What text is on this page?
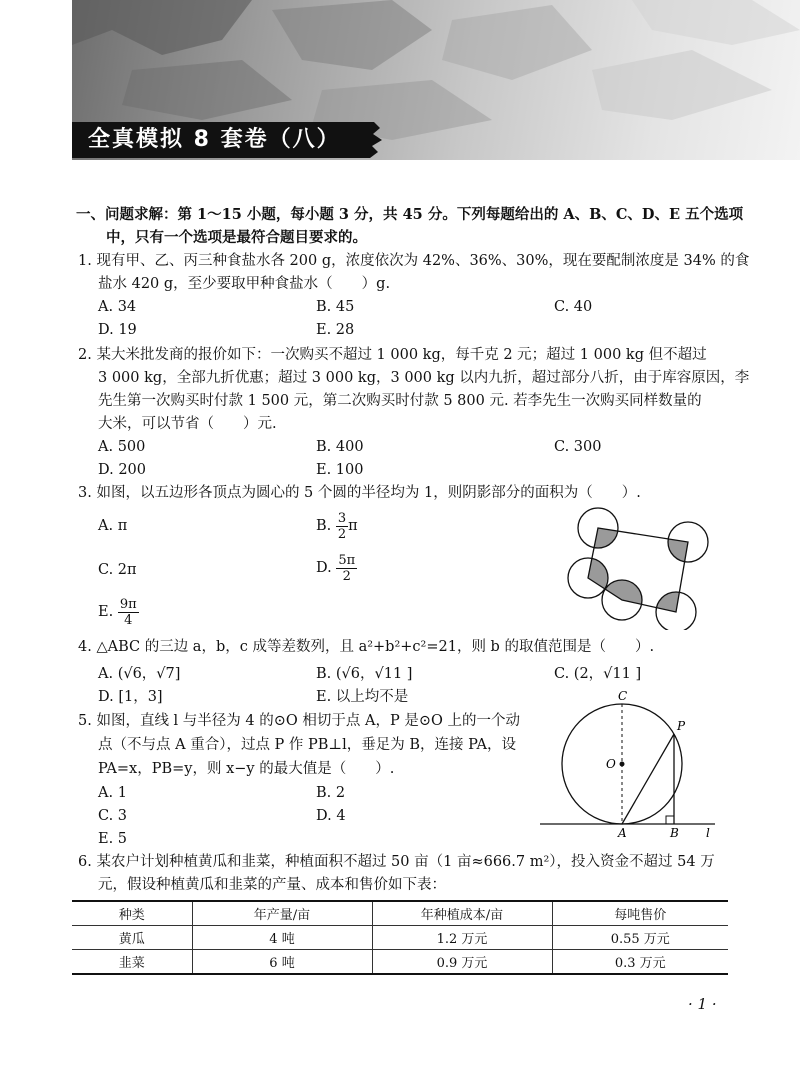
全真模拟 8 套卷（八）
一、问题求解：第 1～15 小题，每小题 3 分，共 45 分。下列每题给出的 A、B、C、D、E 五个选项
中，只有一个选项是最符合题目要求的。
1. 现有甲、乙、丙三种食盐水各 200 g，浓度依次为 42%、36%、30%，现在要配制浓度是 34% 的食
盐水 420 g，至少要取甲种食盐水（　　）g.
A. 34	B. 45	C. 40
D. 19	E. 28
2. 某大米批发商的报价如下：一次购买不超过 1 000 kg，每千克 2 元；超过 1 000 kg 但不超过
3 000 kg，全部九折优惠；超过 3 000 kg，3 000 kg 以内九折，超过部分八折，由于库容原因，李
先生第一次购买时付款 1 500 元，第二次购买时付款 5 800 元. 若李先生一次购买同样数量的
大米，可以节省（　　）元.
A. 500	B. 400	C. 300
D. 200	E. 100
3. 如图，以五边形各顶点为圆心的 5 个圆的半径均为 1，则阴影部分的面积为（　　）.
A. π	B. $\frac{3}{2}$ π
C. 2π	D. $\frac{5\pi}{2}$
E. $\frac{9\pi}{4}$
4. △ABC 的三边 a，b，c 成等差数列，且 a²+b²+c²=21，则 b 的取值范围是（　　）.
A. (√6，√7]	B. (√6，√11 ]	C. (2，√11 ]
D. [1，3]	E. 以上均不是
5. 如图，直线 l 与半径为 4 的⊙O 相切于点 A，P 是⊙O 上的一个动
点（不与点 A 重合），过点 P 作 PB⊥l，垂足为 B，连接 PA，设
PA=x，PB=y，则 x−y 的最大值是（　　）.
A. 1	B. 2
C. 3	D. 4
E. 5
C
P
O
A	B l
6. 某农户计划种植黄瓜和韭菜，种植面积不超过 50 亩（1 亩≈666.7 m²），投入资金不超过 54 万
元，假设种植黄瓜和韭菜的产量、成本和售价如下表：
种类	年产量/亩	年种植成本/亩	每吨售价
黄瓜	4 吨	1.2 万元	0.55 万元
韭菜	6 吨	0.9 万元	0.3 万元
· 1 ·
